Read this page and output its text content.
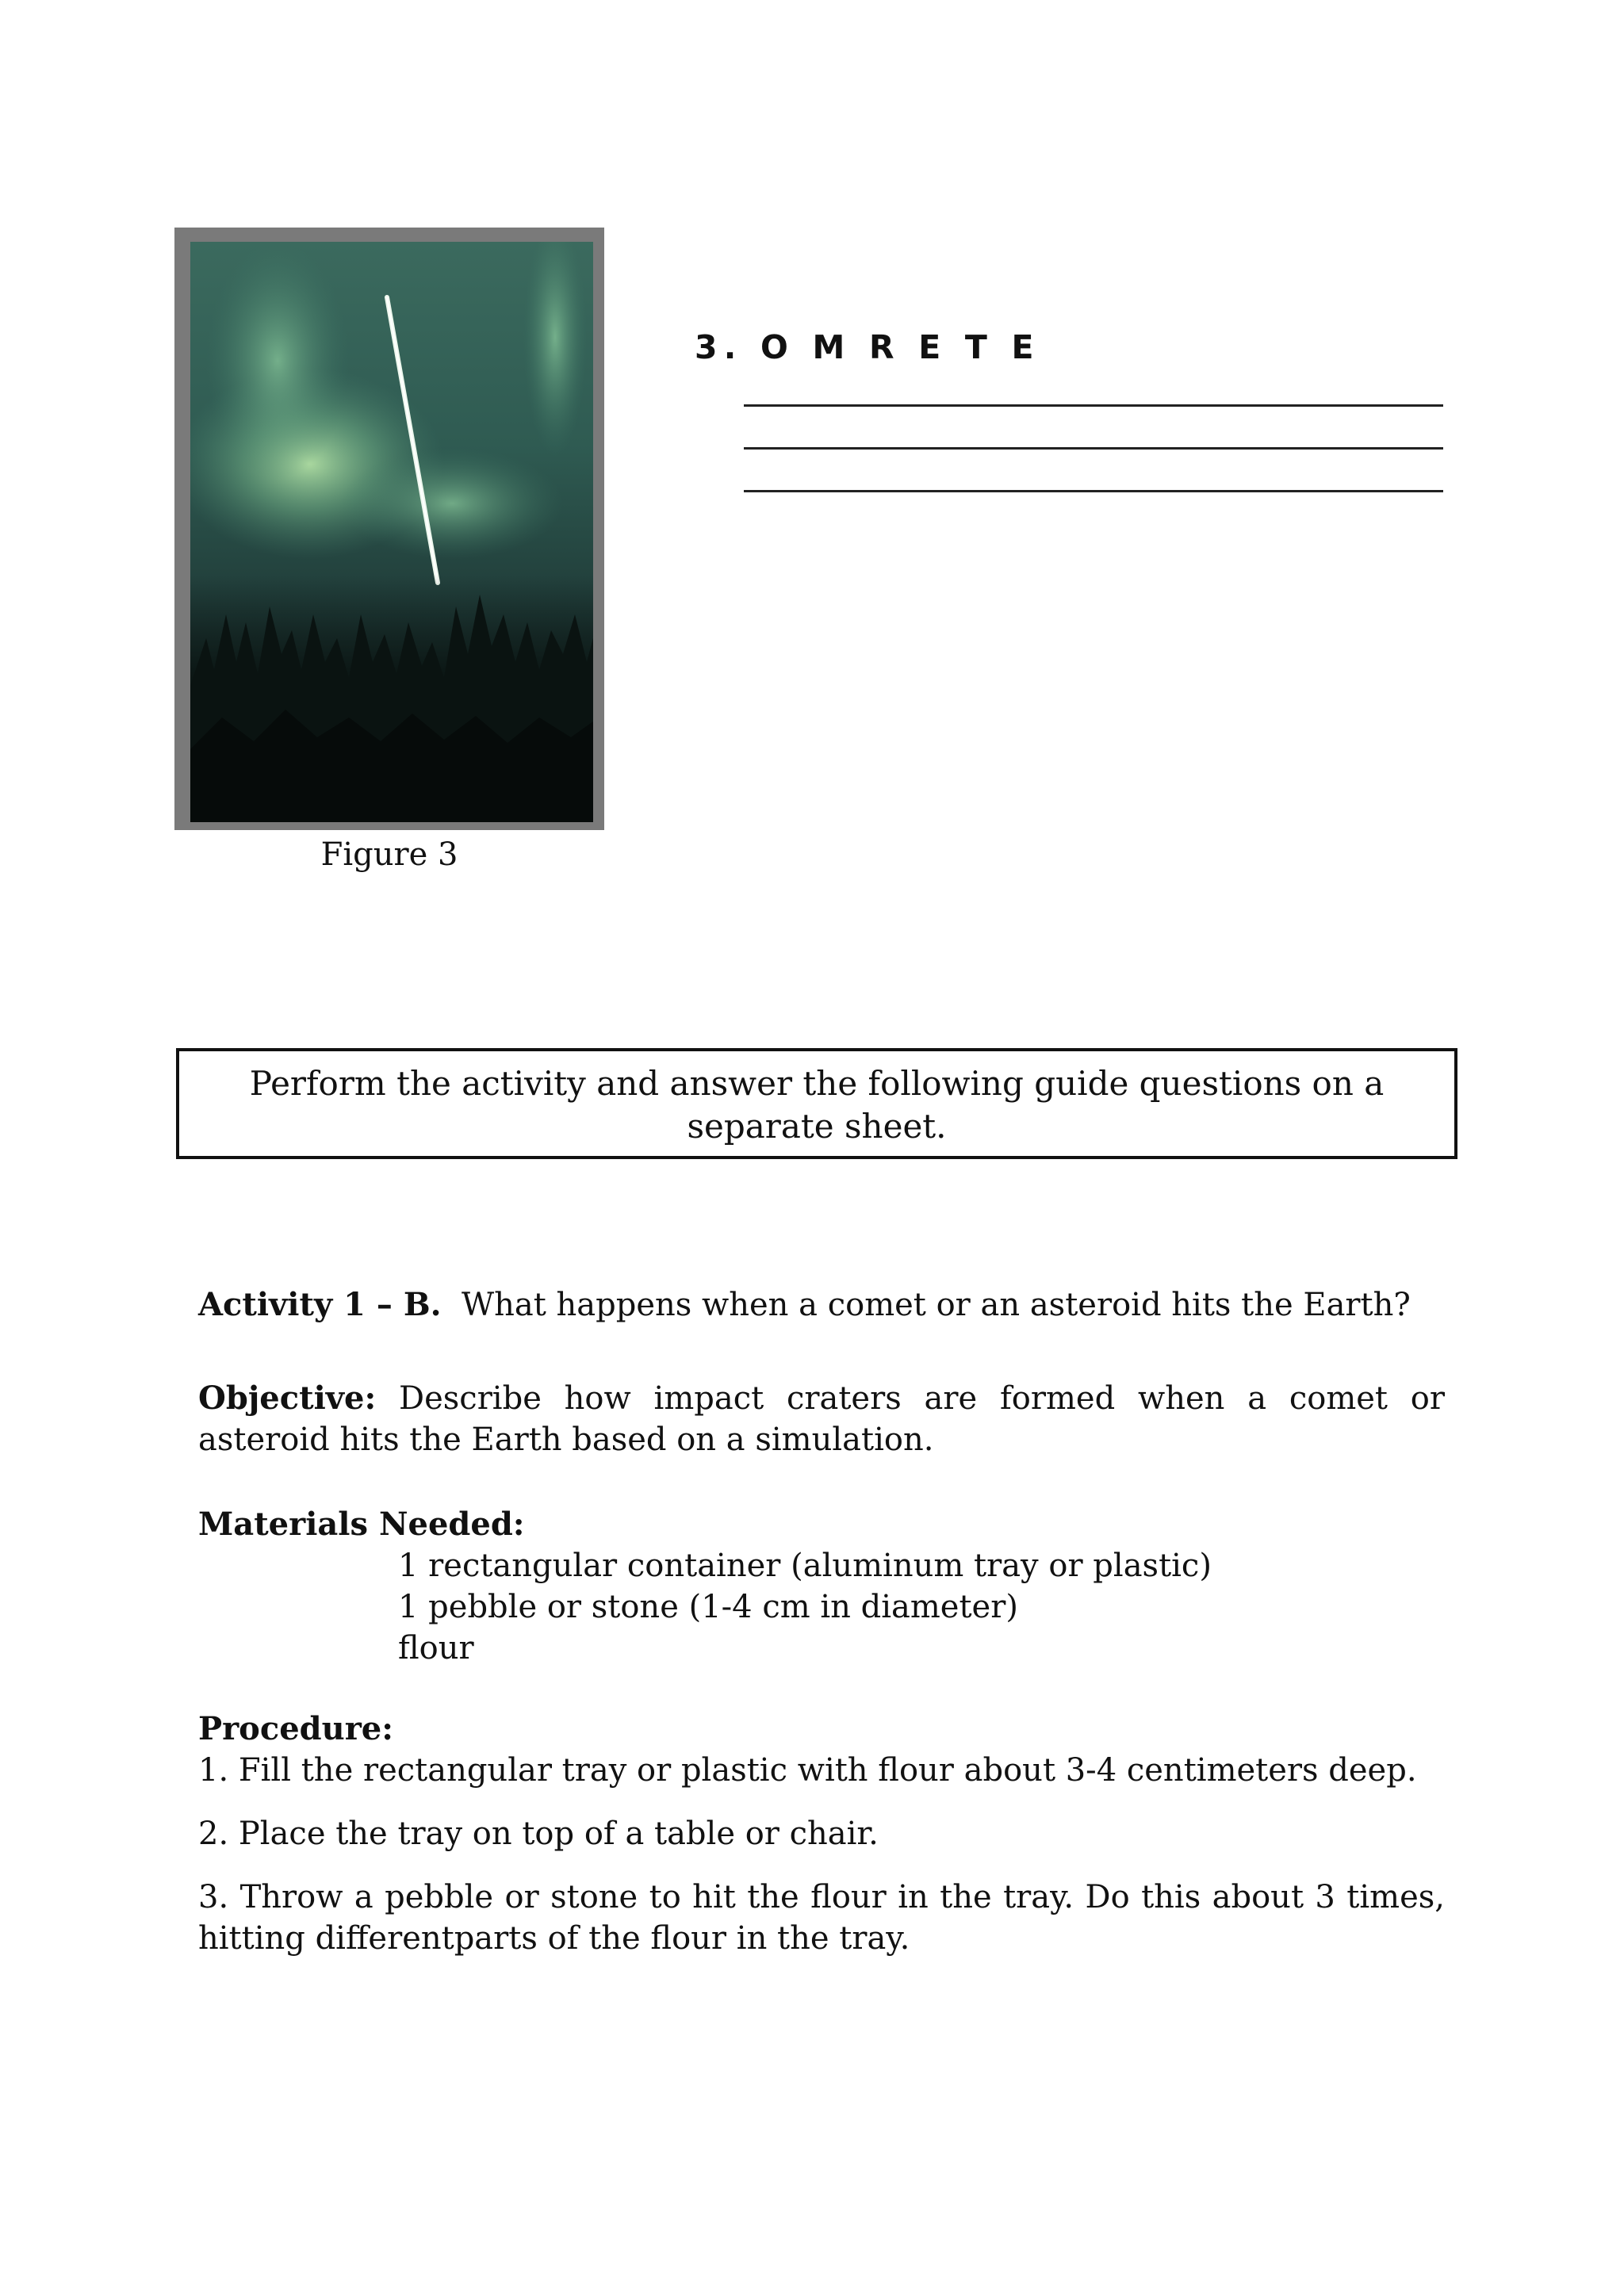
Figure 3
3. O M R E T E
Perform the activity and answer the following guide questions on a separate sheet.
Activity 1 – B. What happens when a comet or an asteroid hits the Earth?
Objective: Describe how impact craters are formed when a comet or asteroid hits the Earth based on a simulation.
Materials Needed:
1 rectangular container (aluminum tray or plastic)
1 pebble or stone (1-4 cm in diameter)
flour
Procedure:
1. Fill the rectangular tray or plastic with flour about 3-4 centimeters deep.
2. Place the tray on top of a table or chair.
3. Throw a pebble or stone to hit the flour in the tray. Do this about 3 times, hitting differentparts of the flour in the tray.
